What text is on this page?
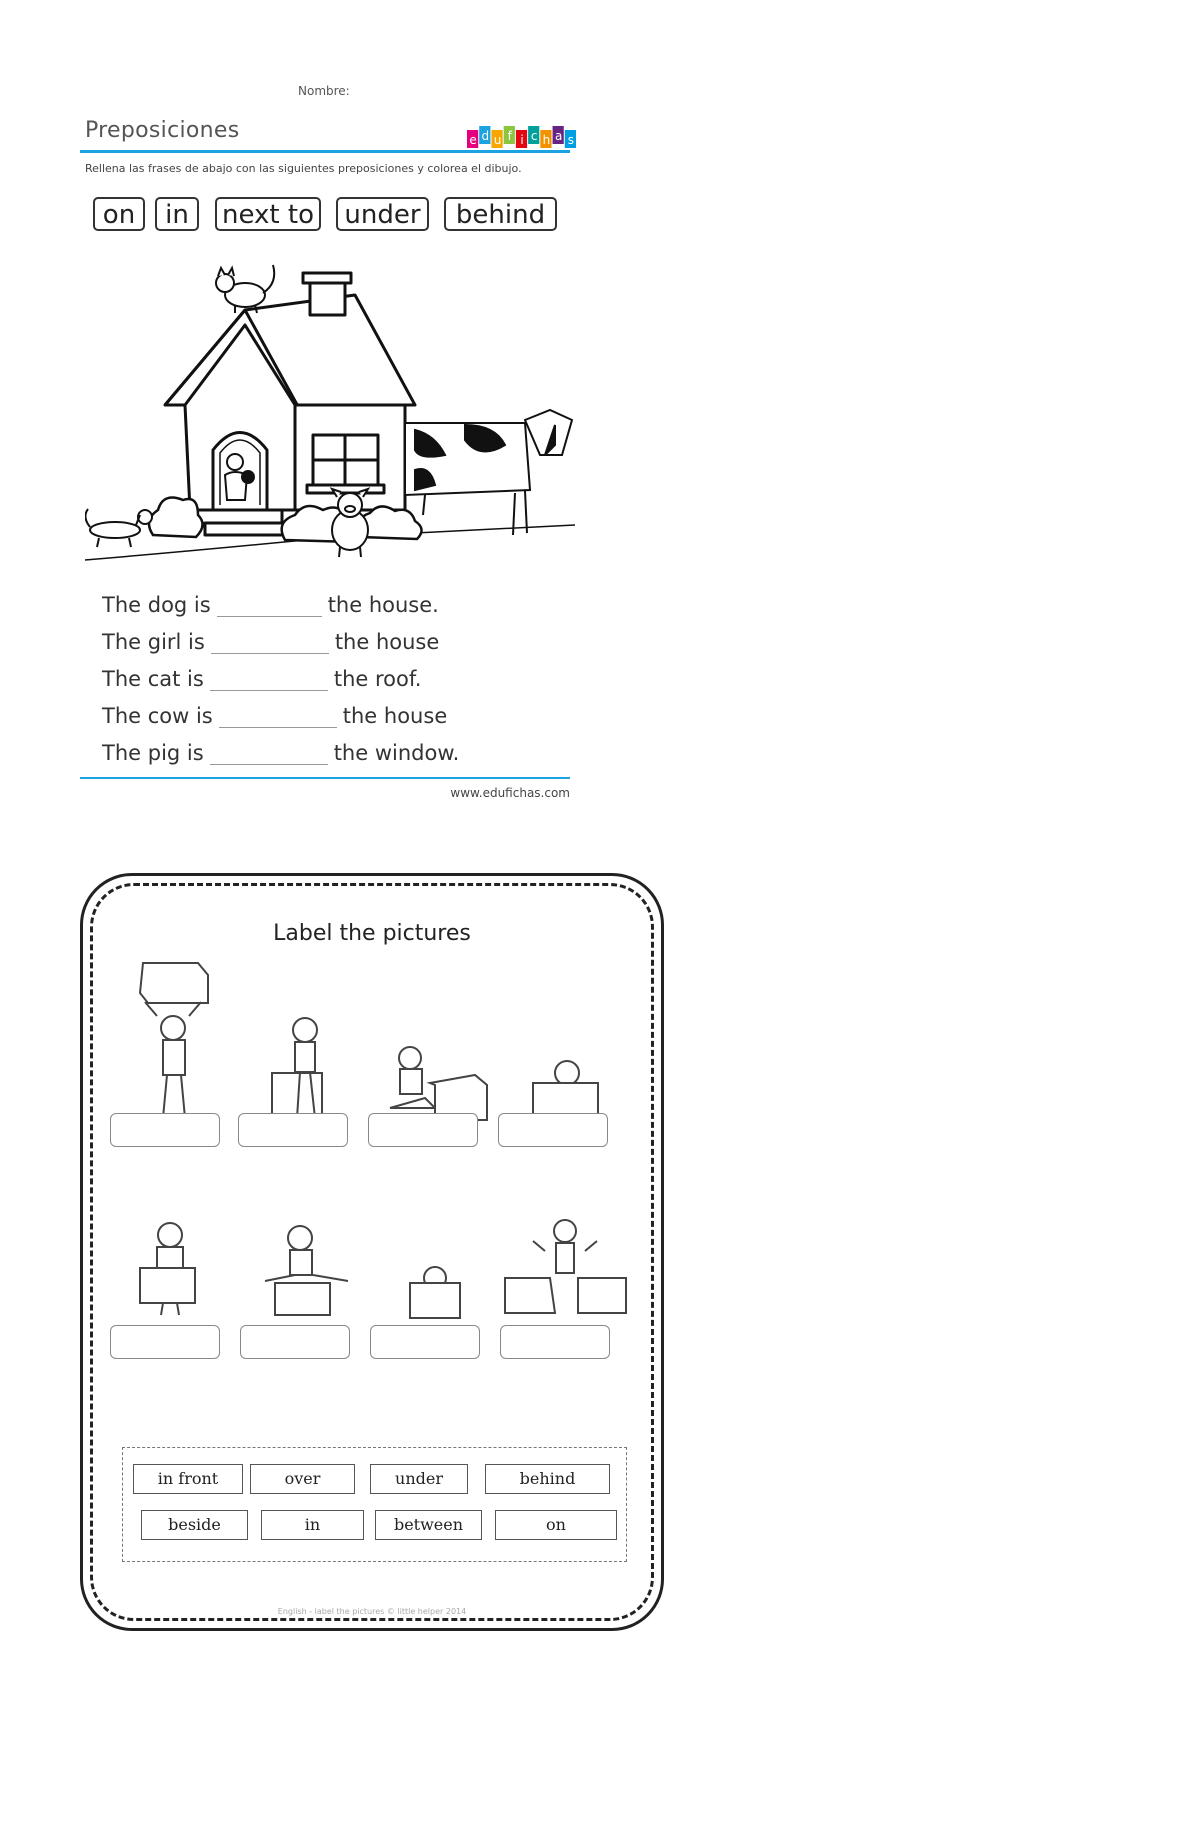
Nombre:
Preposiciones	e d u f i c h a s
Rellena las frases de abajo con las siguientes preposiciones y colorea el dibujo.
on	in	next to	under	behind
The dog is	the house.
The girl is	the house
The cat is	the roof.
The cow is	the house
The pig is	the window.
www.edufichas.com
Label the pictures
in front	over	under	behind
beside	in	between	on
English - label the pictures © little helper 2014
